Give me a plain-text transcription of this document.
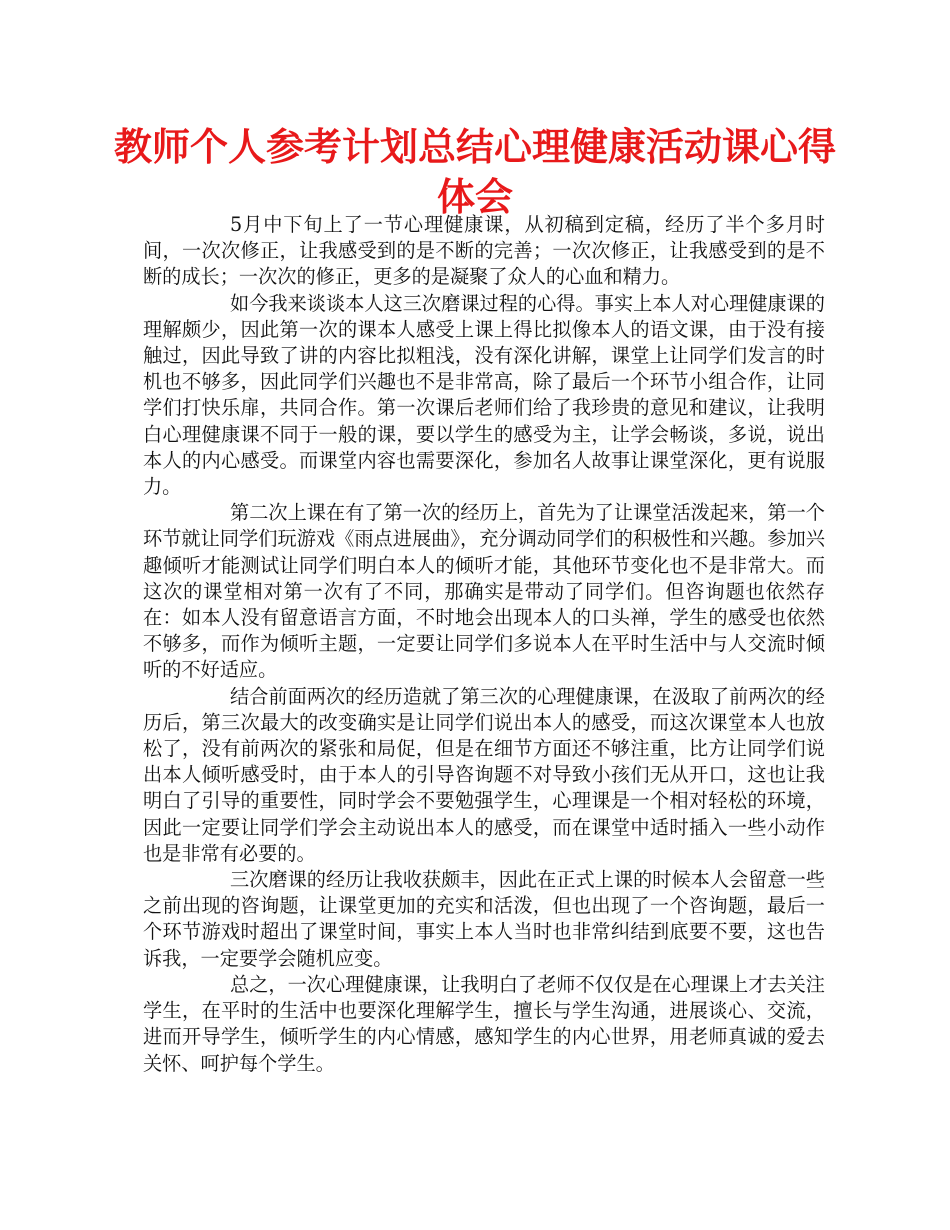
教师个人参考计划总结心理健康活动课心得体会

5月中下旬上了一节心理健康课，从初稿到定稿，经历了半个多月时间，一次次修正，让我感受到的是不断的完善；一次次修正，让我感受到的是不断的成长；一次次的修正，更多的是凝聚了众人的心血和精力。

如今我来谈谈本人这三次磨课过程的心得。事实上本人对心理健康课的理解颇少，因此第一次的课本人感受上课上得比拟像本人的语文课，由于没有接触过，因此导致了讲的内容比拟粗浅，没有深化讲解，课堂上让同学们发言的时机也不够多，因此同学们兴趣也不是非常高，除了最后一个环节小组合作，让同学们打快乐扉，共同合作。第一次课后老师们给了我珍贵的意见和建议，让我明白心理健康课不同于一般的课，要以学生的感受为主，让学会畅谈，多说，说出本人的内心感受。而课堂内容也需要深化，参加名人故事让课堂深化，更有说服力。

第二次上课在有了第一次的经历上，首先为了让课堂活泼起来，第一个环节就让同学们玩游戏《雨点进展曲》，充分调动同学们的积极性和兴趣。参加兴趣倾听才能测试让同学们明白本人的倾听才能，其他环节变化也不是非常大。而这次的课堂相对第一次有了不同，那确实是带动了同学们。但咨询题也依然存在：如本人没有留意语言方面，不时地会出现本人的口头禅，学生的感受也依然不够多，而作为倾听主题，一定要让同学们多说本人在平时生活中与人交流时倾听的不好适应。

结合前面两次的经历造就了第三次的心理健康课，在汲取了前两次的经历后，第三次最大的改变确实是让同学们说出本人的感受，而这次课堂本人也放松了，没有前两次的紧张和局促，但是在细节方面还不够注重，比方让同学们说出本人倾听感受时，由于本人的引导咨询题不对导致小孩们无从开口，这也让我明白了引导的重要性，同时学会不要勉强学生，心理课是一个相对轻松的环境，因此一定要让同学们学会主动说出本人的感受，而在课堂中适时插入一些小动作也是非常有必要的。

三次磨课的经历让我收获颇丰，因此在正式上课的时候本人会留意一些之前出现的咨询题，让课堂更加的充实和活泼，但也出现了一个咨询题，最后一个环节游戏时超出了课堂时间，事实上本人当时也非常纠结到底要不要，这也告诉我，一定要学会随机应变。

总之，一次心理健康课，让我明白了老师不仅仅是在心理课上才去关注学生，在平时的生活中也要深化理解学生，擅长与学生沟通，进展谈心、交流，进而开导学生，倾听学生的内心情感，感知学生的内心世界，用老师真诚的爱去关怀、呵护每个学生。
